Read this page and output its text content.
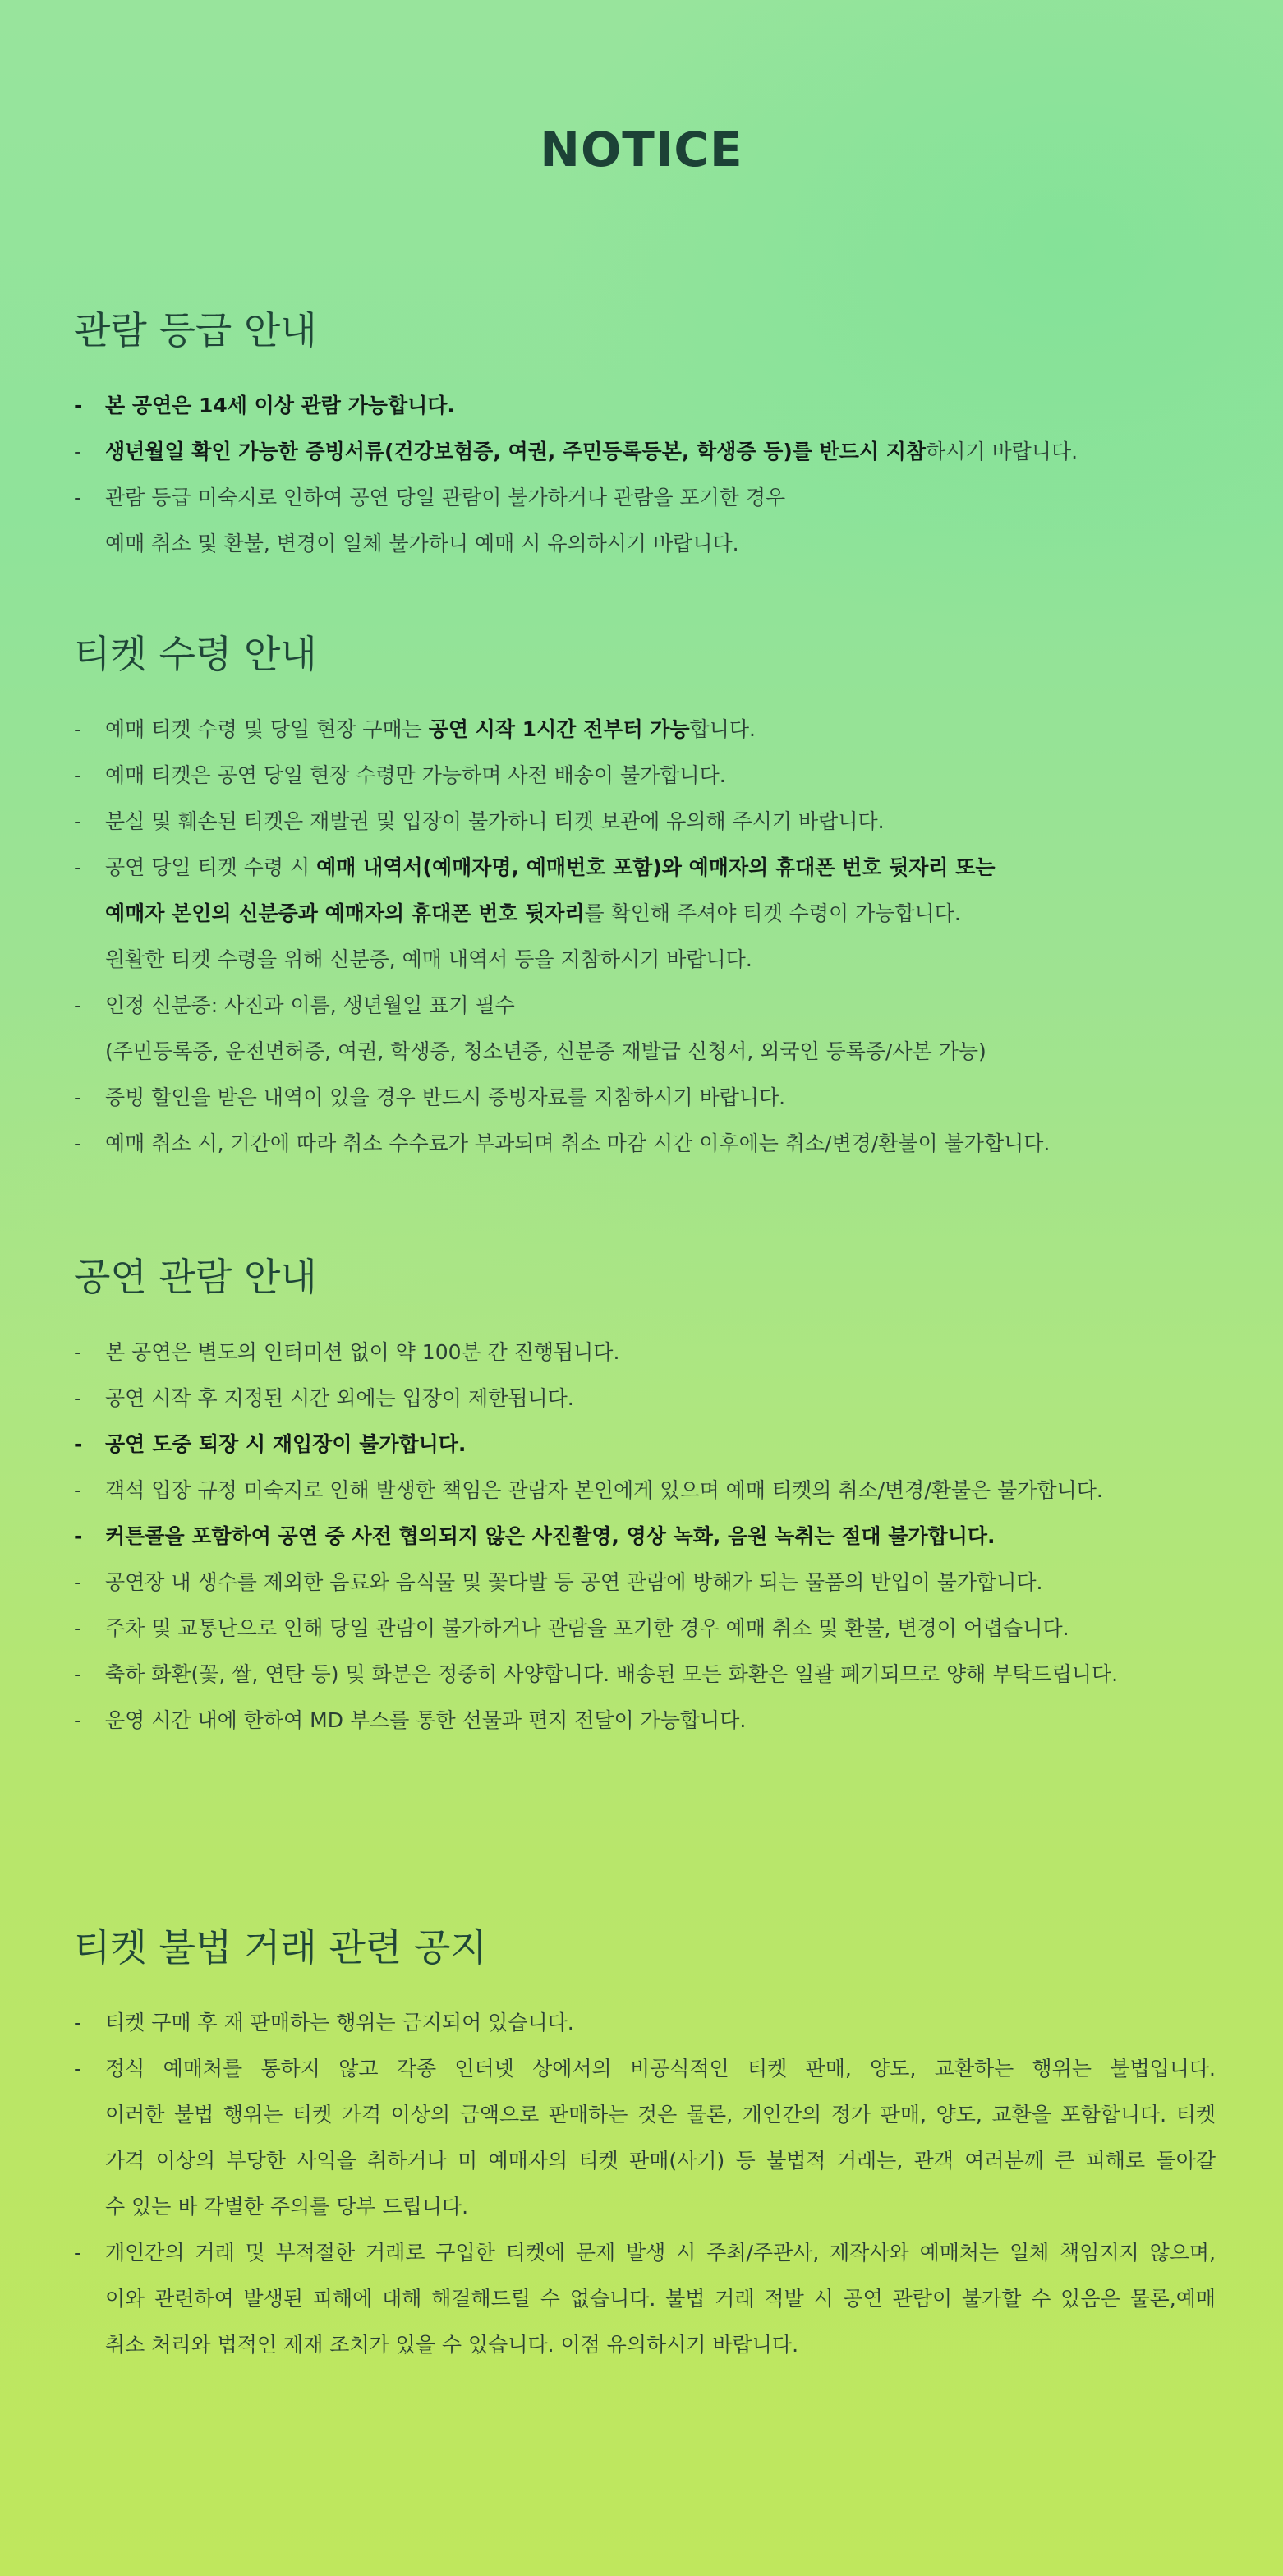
NOTICE
관람 등급 안내
-	본 공연은 14세 이상 관람 가능합니다.
-	생년월일 확인 가능한 증빙서류(건강보험증, 여권, 주민등록등본, 학생증 등)를 반드시 지참하시기 바랍니다.
-	관람 등급 미숙지로 인하여 공연 당일 관람이 불가하거나 관람을 포기한 경우
예매 취소 및 환불, 변경이 일체 불가하니 예매 시 유의하시기 바랍니다.
티켓 수령 안내
-	예매 티켓 수령 및 당일 현장 구매는 공연 시작 1시간 전부터 가능합니다.
-	예매 티켓은 공연 당일 현장 수령만 가능하며 사전 배송이 불가합니다.
-	분실 및 훼손된 티켓은 재발권 및 입장이 불가하니 티켓 보관에 유의해 주시기 바랍니다.
-	공연 당일 티켓 수령 시 예매 내역서(예매자명, 예매번호 포함)와 예매자의 휴대폰 번호 뒷자리 또는
예매자 본인의 신분증과 예매자의 휴대폰 번호 뒷자리를 확인해 주셔야 티켓 수령이 가능합니다.
원활한 티켓 수령을 위해 신분증, 예매 내역서 등을 지참하시기 바랍니다.
-	인정 신분증: 사진과 이름, 생년월일 표기 필수
(주민등록증, 운전면허증, 여권, 학생증, 청소년증, 신분증 재발급 신청서, 외국인 등록증/사본 가능)
-	증빙 할인을 받은 내역이 있을 경우 반드시 증빙자료를 지참하시기 바랍니다.
-	예매 취소 시, 기간에 따라 취소 수수료가 부과되며 취소 마감 시간 이후에는 취소/변경/환불이 불가합니다.
공연 관람 안내
-	본 공연은 별도의 인터미션 없이 약 100분 간 진행됩니다.
-	공연 시작 후 지정된 시간 외에는 입장이 제한됩니다.
-	공연 도중 퇴장 시 재입장이 불가합니다.
-	객석 입장 규정 미숙지로 인해 발생한 책임은 관람자 본인에게 있으며 예매 티켓의 취소/변경/환불은 불가합니다.
-	커튼콜을 포함하여 공연 중 사전 협의되지 않은 사진촬영, 영상 녹화, 음원 녹취는 절대 불가합니다.
-	공연장 내 생수를 제외한 음료와 음식물 및 꽃다발 등 공연 관람에 방해가 되는 물품의 반입이 불가합니다.
-	주차 및 교통난으로 인해 당일 관람이 불가하거나 관람을 포기한 경우 예매 취소 및 환불, 변경이 어렵습니다.
-	축하 화환(꽃, 쌀, 연탄 등) 및 화분은 정중히 사양합니다. 배송된 모든 화환은 일괄 폐기되므로 양해 부탁드립니다.
-	운영 시간 내에 한하여 MD 부스를 통한 선물과 편지 전달이 가능합니다.
티켓 불법 거래 관련 공지
-	티켓 구매 후 재 판매하는 행위는 금지되어 있습니다.
-	정식 예매처를 통하지 않고 각종 인터넷 상에서의 비공식적인 티켓 판매, 양도, 교환하는 행위는 불법입니다.
이러한 불법 행위는 티켓 가격 이상의 금액으로 판매하는 것은 물론, 개인간의 정가 판매, 양도, 교환을 포함합니다. 티켓
가격 이상의 부당한 사익을 취하거나 미 예매자의 티켓 판매(사기) 등 불법적 거래는, 관객 여러분께 큰 피해로 돌아갈
수 있는 바 각별한 주의를 당부 드립니다.
-	개인간의 거래 및 부적절한 거래로 구입한 티켓에 문제 발생 시 주최/주관사, 제작사와 예매처는 일체 책임지지 않으며,
이와 관련하여 발생된 피해에 대해 해결해드릴 수 없습니다. 불법 거래 적발 시 공연 관람이 불가할 수 있음은 물론,예매
취소 처리와 법적인 제재 조치가 있을 수 있습니다. 이점 유의하시기 바랍니다.
